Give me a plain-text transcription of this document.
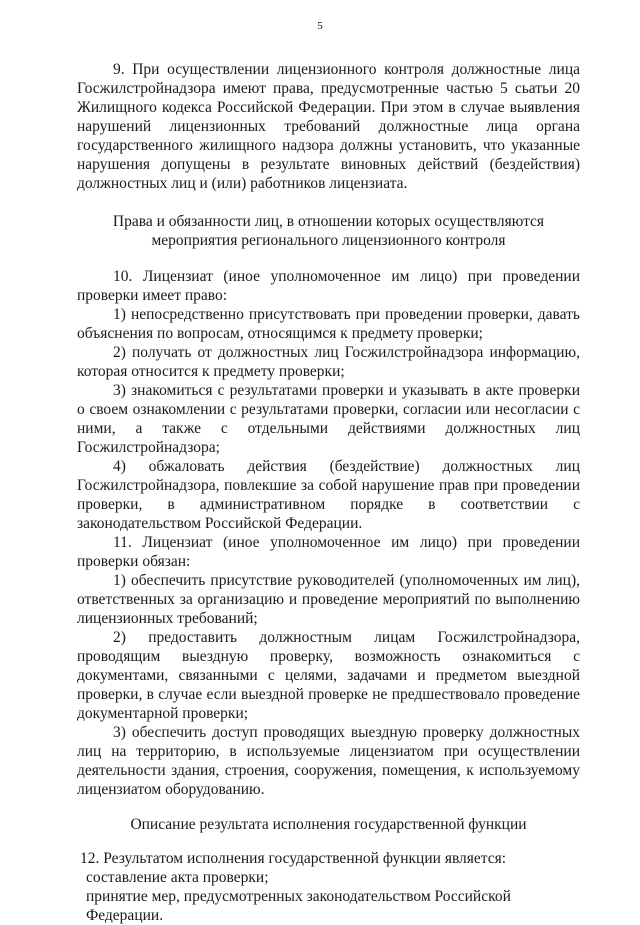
5

9. При осуществлении лицензионного контроля должностные лица Госжилстройнадзора имеют права, предусмотренные частью 5 сьатьи 20 Жилищного кодекса Российской Федерации. При этом в случае выявления нарушений лицензионных требований должностные лица органа государственного жилищного надзора должны установить, что указанные нарушения допущены в результате виновных действий (бездействия) должностных лиц и (или) работников лицензиата.

Права и обязанности лиц, в отношении которых осуществляются мероприятия регионального лицензионного контроля

10. Лицензиат (иное уполномоченное им лицо) при проведении проверки имеет право:

1) непосредственно присутствовать при проведении проверки, давать объяснения по вопросам, относящимся к предмету проверки;

2) получать от должностных лиц Госжилстройнадзора информацию, которая относится к предмету проверки;

3) знакомиться с результатами проверки и указывать в акте проверки о своем ознакомлении с результатами проверки, согласии или несогласии с ними, а также с отдельными действиями должностных лиц Госжилстройнадзора;

4) обжаловать действия (бездействие) должностных лиц Госжилстройнадзора, повлекшие за собой нарушение прав при проведении проверки, в административном порядке в соответствии с законодательством Российской Федерации.

11. Лицензиат (иное уполномоченное им лицо) при проведении проверки обязан:

1) обеспечить присутствие руководителей (уполномоченных им лиц), ответственных за организацию и проведение мероприятий по выполнению лицензионных требований;

2) предоставить должностным лицам Госжилстройнадзора, проводящим выездную проверку, возможность ознакомиться с документами, связанными с целями, задачами и предметом выездной проверки, в случае если выездной проверке не предшествовало проведение документарной проверки;

3) обеспечить доступ проводящих выездную проверку должностных лиц на территорию, в используемые лицензиатом при осуществлении деятельности здания, строения, сооружения, помещения, к используемому лицензиатом оборудованию.

Описание результата исполнения государственной функции

12. Результатом исполнения государственной функции является:

составление акта проверки;

принятие мер, предусмотренных законодательством Российской Федерации.
